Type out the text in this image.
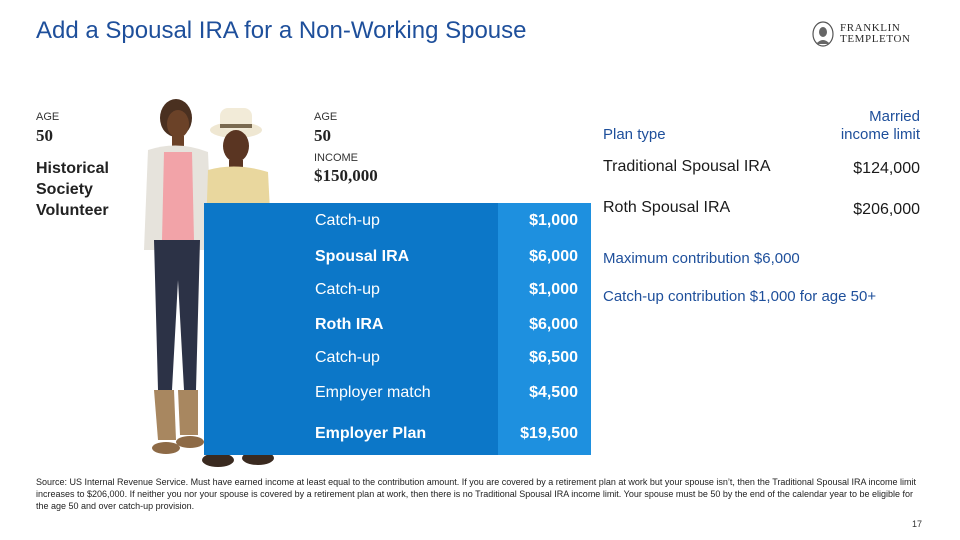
Add a Spousal IRA for a Non-Working Spouse	FRANKLIN
TEMPLETON
AGE
50
Historical Society Volunteer
AGE
50
INCOME
$150,000
Catch-up	$1,000
Spousal IRA	$6,000
Catch-up	$1,000
Roth IRA	$6,000
Catch-up	$6,500
Employer match	$4,500
Employer Plan	$19,500
Plan type
Married
income limit
Traditional Spousal IRA	$124,000
Roth Spousal IRA	$206,000
Maximum contribution $6,000
Catch-up contribution $1,000 for age 50+
Source: US Internal Revenue Service. Must have earned income at least equal to the contribution amount. If you are covered by a retirement plan at work but your spouse isn’t, then the Traditional Spousal IRA income limit increases to $206,000. If neither you nor your spouse is covered by a retirement plan at work, then there is no Traditional Spousal IRA income limit. Your spouse must be 50 by the end of the calendar year to be eligible for the age 50 and over catch-up provision.
17
